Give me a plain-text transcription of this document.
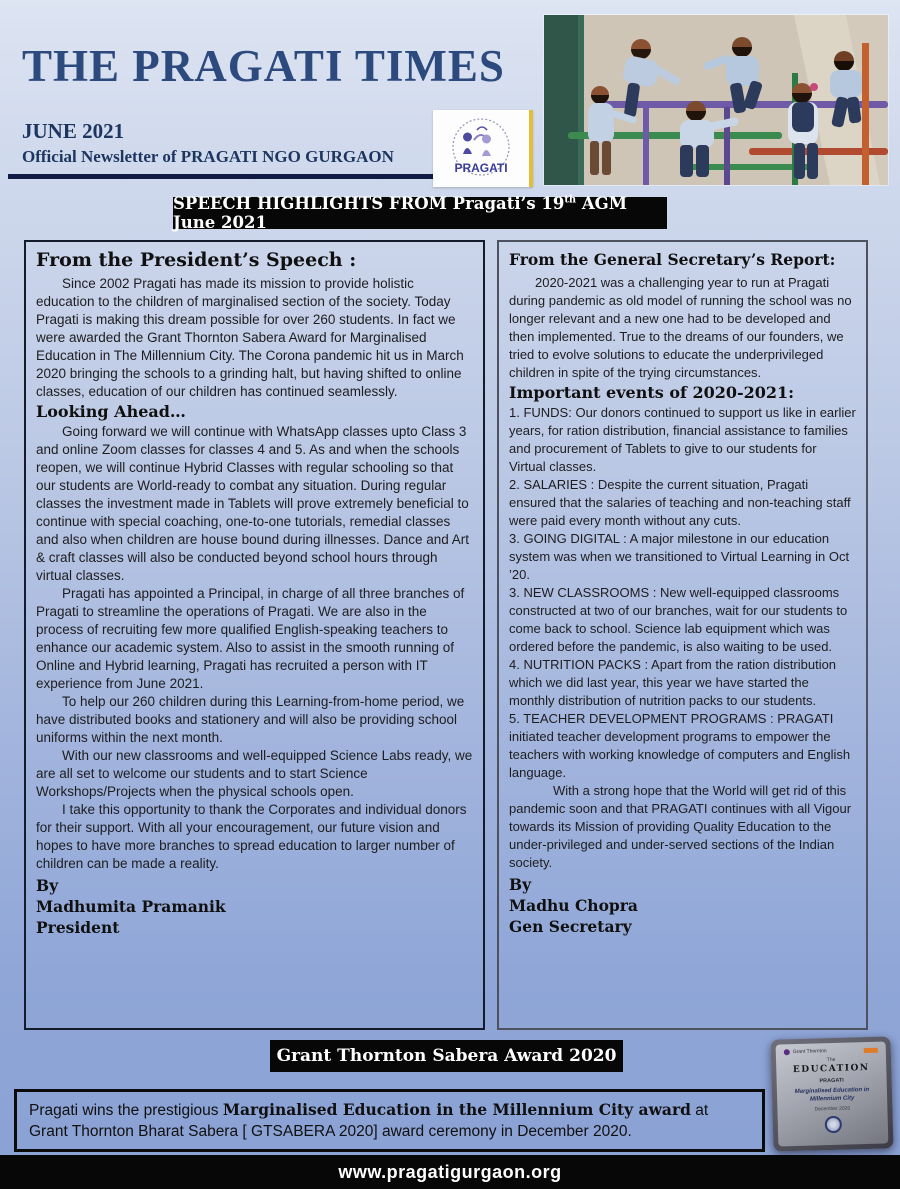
THE PRAGATI TIMES
JUNE 2021
Official Newsletter of PRAGATI NGO GURGAON
PRAGATI
SPEECH HIGHLIGHTS FROM Pragati’s 19th AGM June 2021
From the President’s Speech :

Since 2002 Pragati has made its mission to provide holistic education to the children of marginalised section of the society. Today Pragati is making this dream possible for over 260 students. In fact we were awarded the Grant Thornton Sabera Award for Marginalised Education in The Millennium City. The Corona pandemic hit us in March 2020 bringing the schools to a grinding halt, but having shifted to online classes, education of our children has continued seamlessly.

Looking Ahead…

Going forward we will continue with WhatsApp classes upto Class 3 and online Zoom classes for classes 4 and 5. As and when the schools reopen, we will continue Hybrid Classes with regular schooling so that our students are World-ready to combat any situation. During regular classes the investment made in Tablets will prove extremely beneficial to continue with special coaching, one-to-one tutorials, remedial classes and also when children are house bound during illnesses. Dance and Art & craft classes will also be conducted beyond school hours through virtual classes.

Pragati has appointed a Principal, in charge of all three branches of Pragati to streamline the operations of Pragati. We are also in the process of recruiting few more qualified English-speaking teachers to enhance our academic system. Also to assist in the smooth running of Online and Hybrid learning, Pragati has recruited a person with IT experience from June 2021.

To help our 260 children during this Learning-from-home period, we have distributed books and stationery and will also be providing school uniforms within the next month.

With our new classrooms and well-equipped Science Labs ready, we are all set to welcome our students and to start Science Workshops/Projects when the physical schools open.

I take this opportunity to thank the Corporates and individual donors for their support. With all your encouragement, our future vision and hopes to have more branches to spread education to larger number of children can be made a reality.

By
Madhumita Pramanik
President
From the General Secretary’s Report:

2020-2021 was a challenging year to run at Pragati during pandemic as old model of running the school was no longer relevant and a new one had to be developed and then implemented. True to the dreams of our founders, we tried to evolve solutions to educate the underprivileged children in spite of the trying circumstances.

Important events of 2020-2021:

1. FUNDS: Our donors continued to support us like in earlier years, for ration distribution, financial assistance to families and procurement of Tablets to give to our students for Virtual classes.

2. SALARIES : Despite the current situation, Pragati ensured that the salaries of teaching and non-teaching staff were paid every month without any cuts.

3. GOING DIGITAL : A major milestone in our education system was when we transitioned to Virtual Learning in Oct ’20.

3. NEW CLASSROOMS : New well-equipped classrooms constructed at two of our branches, wait for our students to come back to school. Science lab equipment which was ordered before the pandemic, is also waiting to be used.

4. NUTRITION PACKS : Apart from the ration distribution which we did last year, this year we have started the monthly distribution of nutrition packs to our students.

5. TEACHER DEVELOPMENT PROGRAMS : PRAGATI initiated teacher development programs to empower the teachers with working knowledge of computers and English language.

With a strong hope that the World will get rid of this pandemic soon and that PRAGATI continues with all Vigour towards its Mission of providing Quality Education to the under-privileged and under-served sections of the Indian society.

By
Madhu Chopra
Gen Secretary
Grant Thornton Sabera Award 2020
Pragati wins the prestigious Marginalised Education in the Millennium City award at Grant Thornton Bharat Sabera [ GTSABERA 2020] award ceremony in December 2020.
Grant Thornton
The
EDUCATION
PRAGATI
Marginalised Education in Millennium City
December 2020
www.pragatigurgaon.org
